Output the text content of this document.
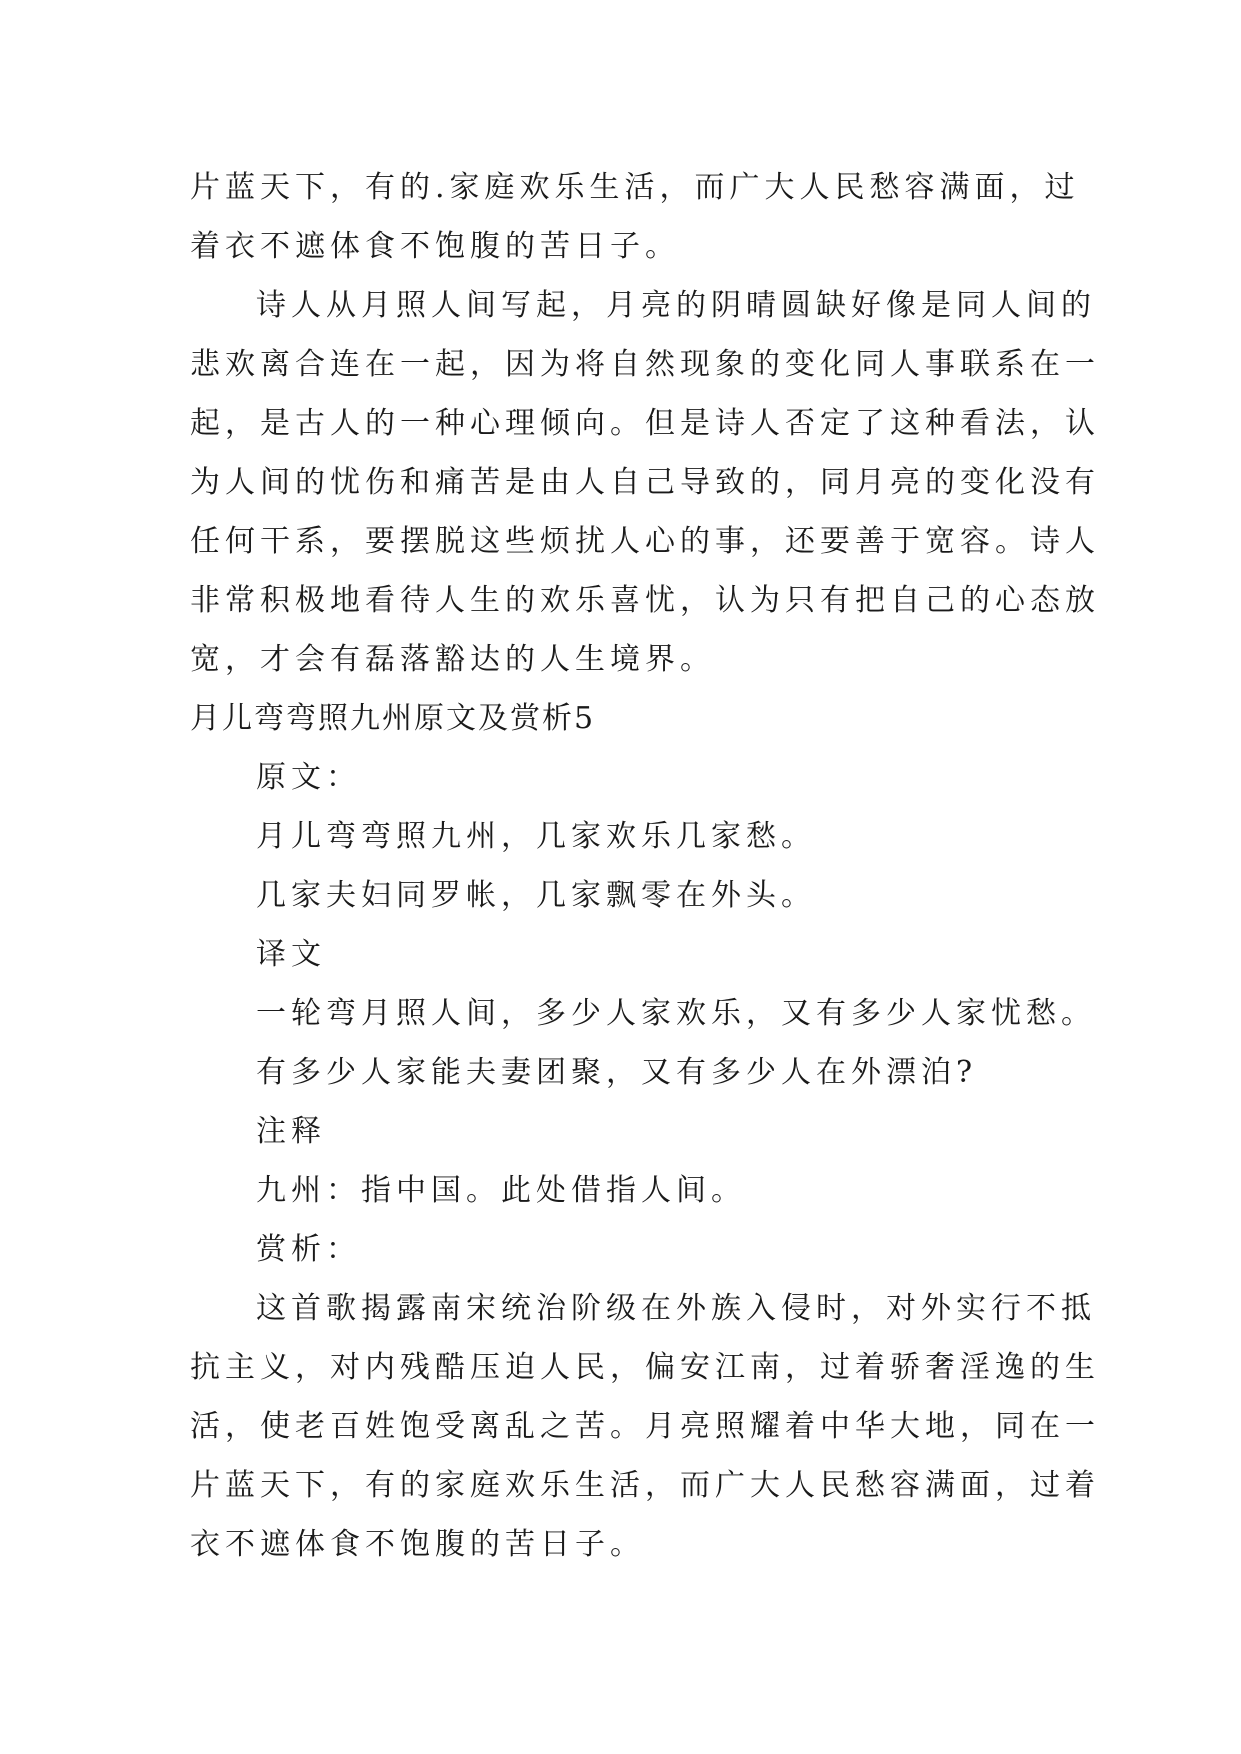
片蓝天下，有的.家庭欢乐生活，而广大人民愁容满面，过

着衣不遮体食不饱腹的苦日子。

诗人从月照人间写起，月亮的阴晴圆缺好像是同人间的

悲欢离合连在一起，因为将自然现象的变化同人事联系在一

起，是古人的一种心理倾向。但是诗人否定了这种看法，认

为人间的忧伤和痛苦是由人自己导致的，同月亮的变化没有

任何干系，要摆脱这些烦扰人心的事，还要善于宽容。诗人

非常积极地看待人生的欢乐喜忧，认为只有把自己的心态放

宽，才会有磊落豁达的人生境界。

月儿弯弯照九州原文及赏析5

原文：

月儿弯弯照九州，几家欢乐几家愁。

几家夫妇同罗帐，几家飘零在外头。

译文

一轮弯月照人间，多少人家欢乐，又有多少人家忧愁。

有多少人家能夫妻团聚，又有多少人在外漂泊?

注释

九州：指中国。此处借指人间。

赏析：

这首歌揭露南宋统治阶级在外族入侵时，对外实行不抵

抗主义，对内残酷压迫人民，偏安江南，过着骄奢淫逸的生

活，使老百姓饱受离乱之苦。月亮照耀着中华大地，同在一

片蓝天下，有的家庭欢乐生活，而广大人民愁容满面，过着

衣不遮体食不饱腹的苦日子。
